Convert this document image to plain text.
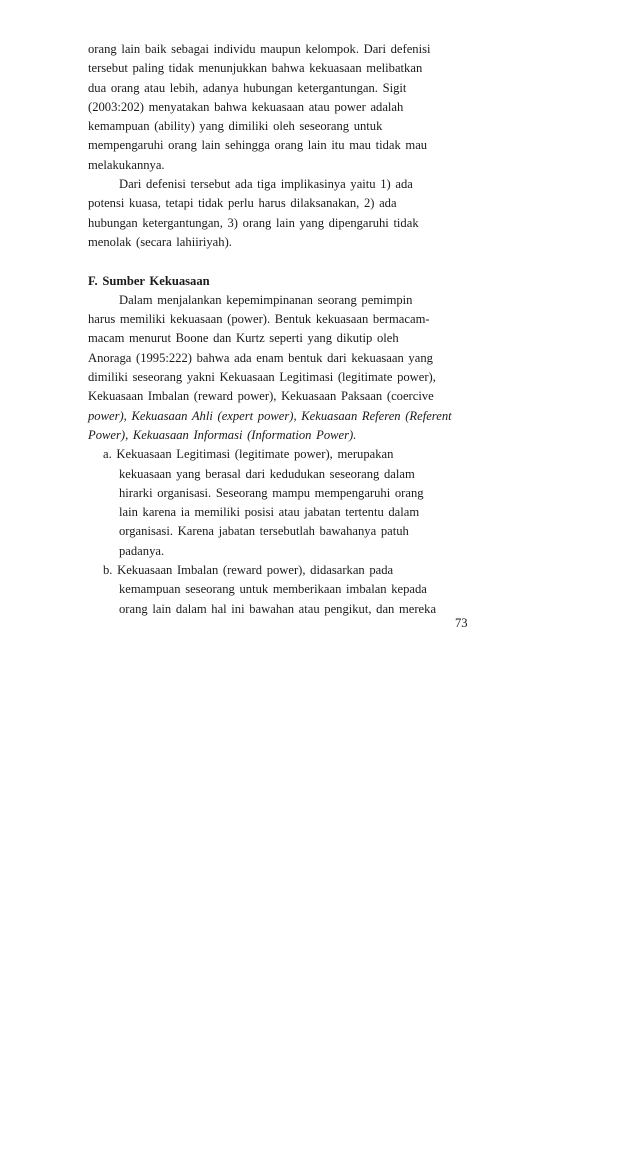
orang lain baik sebagai individu maupun kelompok. Dari defenisi
tersebut paling tidak menunjukkan bahwa kekuasaan melibatkan
dua orang atau lebih, adanya hubungan ketergantungan. Sigit
(2003:202) menyatakan bahwa kekuasaan atau power adalah
kemampuan (ability) yang dimiliki oleh seseorang untuk
mempengaruhi orang lain sehingga orang lain itu mau tidak mau
melakukannya.
Dari defenisi tersebut ada tiga implikasinya yaitu 1) ada
potensi kuasa, tetapi tidak perlu harus dilaksanakan, 2) ada
hubungan ketergantungan, 3) orang lain yang dipengaruhi tidak
menolak (secara lahiiriyah).
F. Sumber Kekuasaan
Dalam menjalankan kepemimpinanan seorang pemimpin
harus memiliki kekuasaan (power). Bentuk kekuasaan bermacam-
macam menurut Boone dan Kurtz seperti yang dikutip oleh
Anoraga (1995:222) bahwa ada enam bentuk dari kekuasaan yang
dimiliki seseorang yakni Kekuasaan Legitimasi (legitimate power),
Kekuasaan Imbalan (reward power), Kekuasaan Paksaan (coercive
power), Kekuasaan Ahli (expert power), Kekuasaan Referen (Referent
Power), Kekuasaan Informasi (Information Power).
a. Kekuasaan Legitimasi (legitimate power), merupakan
kekuasaan yang berasal dari kedudukan seseorang dalam
hirarki organisasi. Seseorang mampu mempengaruhi orang
lain karena ia memiliki posisi atau jabatan tertentu dalam
organisasi. Karena jabatan tersebutlah bawahanya patuh
padanya.
b. Kekuasaan Imbalan (reward power), didasarkan pada
kemampuan seseorang untuk memberikaan imbalan kepada
orang lain dalam hal ini bawahan atau pengikut, dan mereka
73
